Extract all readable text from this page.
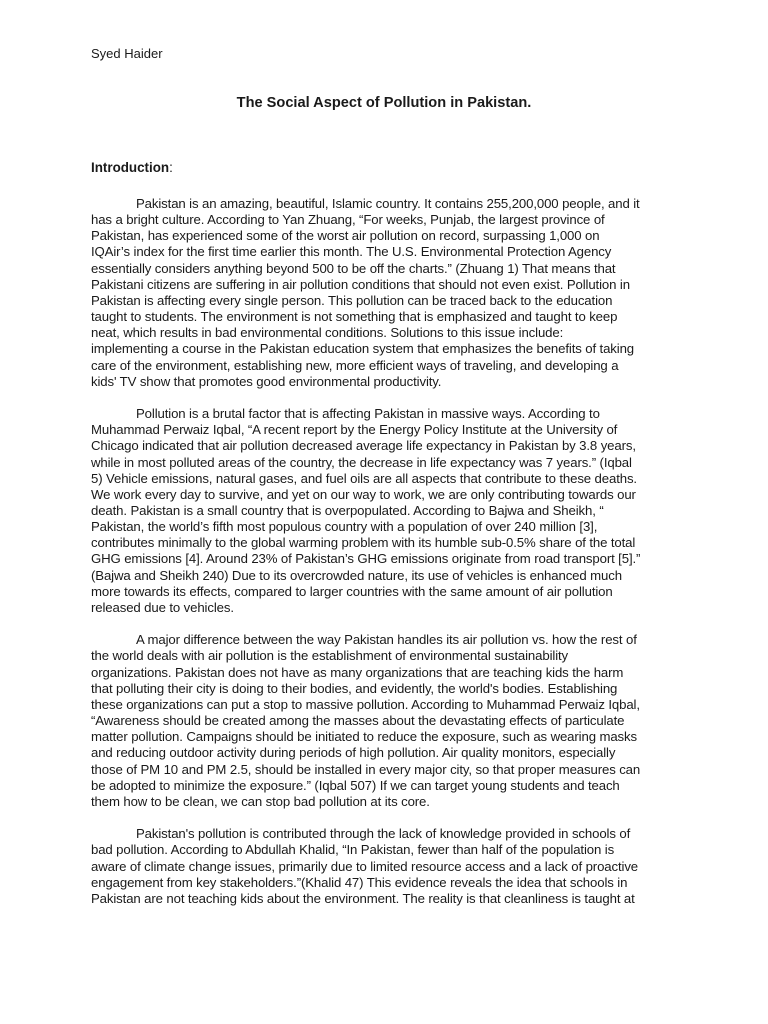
Syed Haider
The Social Aspect of Pollution in Pakistan.
Introduction:
Pakistan is an amazing, beautiful, Islamic country. It contains 255,200,000 people, and it
has a bright culture. According to Yan Zhuang, “For weeks, Punjab, the largest province of
Pakistan, has experienced some of the worst air pollution on record, surpassing 1,000 on
IQAir’s index for the first time earlier this month. The U.S. Environmental Protection Agency
essentially considers anything beyond 500 to be off the charts.” (Zhuang 1) That means that
Pakistani citizens are suffering in air pollution conditions that should not even exist. Pollution in
Pakistan is affecting every single person. This pollution can be traced back to the education
taught to students. The environment is not something that is emphasized and taught to keep
neat, which results in bad environmental conditions. Solutions to this issue include:
implementing a course in the Pakistan education system that emphasizes the benefits of taking
care of the environment, establishing new, more efficient ways of traveling, and developing a
kids' TV show that promotes good environmental productivity.
Pollution is a brutal factor that is affecting Pakistan in massive ways. According to
Muhammad Perwaiz Iqbal, “A recent report by the Energy Policy Institute at the University of
Chicago indicated that air pollution decreased average life expectancy in Pakistan by 3.8 years,
while in most polluted areas of the country, the decrease in life expectancy was 7 years.” (Iqbal
5) Vehicle emissions, natural gases, and fuel oils are all aspects that contribute to these deaths.
We work every day to survive, and yet on our way to work, we are only contributing towards our
death. Pakistan is a small country that is overpopulated. According to Bajwa and Sheikh, “
Pakistan, the world’s fifth most populous country with a population of over 240 million [3],
contributes minimally to the global warming problem with its humble sub-0.5% share of the total
GHG emissions [4]. Around 23% of Pakistan’s GHG emissions originate from road transport [5].”
(Bajwa and Sheikh 240) Due to its overcrowded nature, its use of vehicles is enhanced much
more towards its effects, compared to larger countries with the same amount of air pollution
released due to vehicles.
A major difference between the way Pakistan handles its air pollution vs. how the rest of
the world deals with air pollution is the establishment of environmental sustainability
organizations. Pakistan does not have as many organizations that are teaching kids the harm
that polluting their city is doing to their bodies, and evidently, the world's bodies. Establishing
these organizations can put a stop to massive pollution. According to Muhammad Perwaiz Iqbal,
“Awareness should be created among the masses about the devastating effects of particulate
matter pollution. Campaigns should be initiated to reduce the exposure, such as wearing masks
and reducing outdoor activity during periods of high pollution. Air quality monitors, especially
those of PM 10 and PM 2.5, should be installed in every major city, so that proper measures can
be adopted to minimize the exposure.” (Iqbal 507) If we can target young students and teach
them how to be clean, we can stop bad pollution at its core.
Pakistan's pollution is contributed through the lack of knowledge provided in schools of
bad pollution. According to Abdullah Khalid, “In Pakistan, fewer than half of the population is
aware of climate change issues, primarily due to limited resource access and a lack of proactive
engagement from key stakeholders.”(Khalid 47) This evidence reveals the idea that schools in
Pakistan are not teaching kids about the environment. The reality is that cleanliness is taught at
